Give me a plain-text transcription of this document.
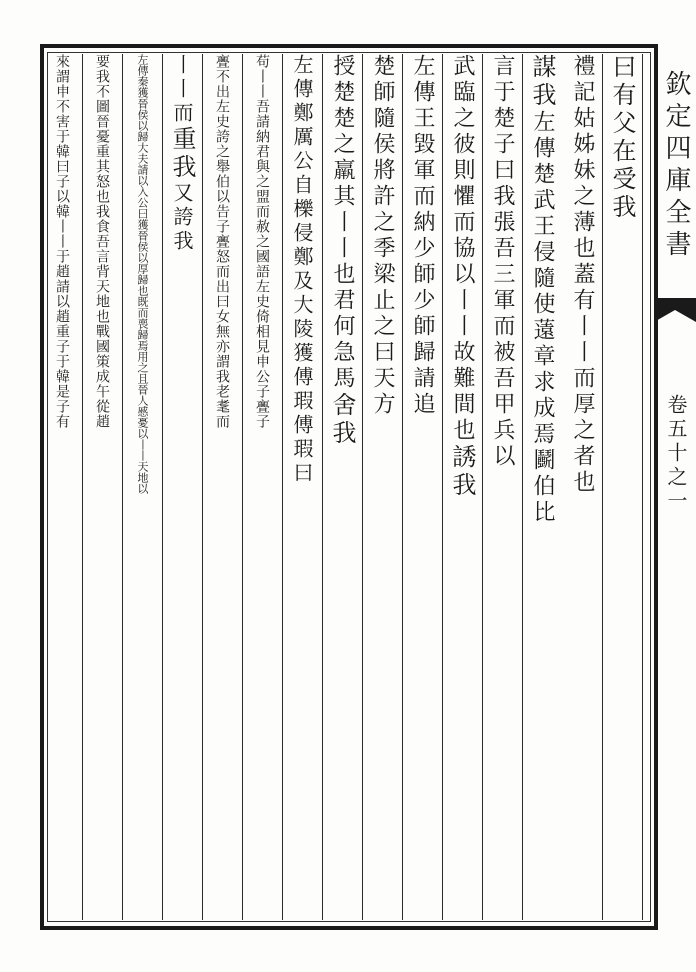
欽定四庫全書
卷五十之一
曰有父在
受我
禮記姑姊妹之薄也蓋有丨丨而厚之者也
謀我
左傳楚武王侵隨使薳章求成焉鬬伯比
言于楚子曰我張吾三軍而被吾甲兵以
武臨之彼則懼而協以丨丨故難間也
誘我
左傳王毀軍而納少師少師歸請追
楚師隨侯將許之季梁止之曰天方
授楚楚之羸其丨丨也君何急馬
舍我
左傳鄭厲公自櫟侵鄭及大陵獲傅瑕傅瑕曰
苟丨丨吾請納君與之盟而赦之國語左史倚相見申公子亹子
亹不出左史誇之舉伯以告子亹怒而出曰女無亦謂我老耄而
丨丨而
重我
又誇我
左傳秦獲晉侯以歸大夫請以入公曰獲晉侯以厚歸也既而喪歸焉用之且晉人慼憂以丨丨天地以
要我不圖晉憂重其怒也我食吾言背天地也戰國策成午從趙
來謂申不害于韓曰子以韓丨丨于趙請以趙重子于韓是子有
